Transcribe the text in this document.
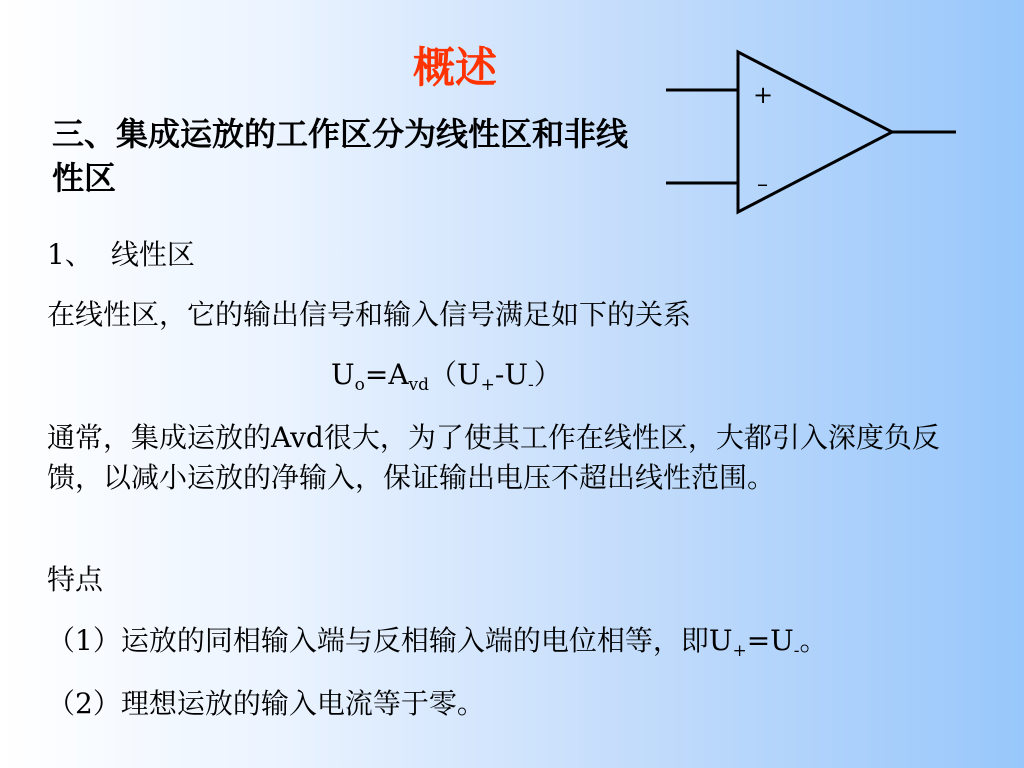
概述
三、集成运放的工作区分为线性区和非线性区
+
–
1、 线性区
在线性区，它的输出信号和输入信号满足如下的关系
$U_o=A_{vd}(U_+-U_-)$
通常，集成运放的Avd很大，为了使其工作在线性区，大都引入深度负反馈，以减小运放的净输入，保证输出电压不超出线性范围。
特点
（1）运放的同相输入端与反相输入端的电位相等，即$U_+=U_-$。
（2）理想运放的输入电流等于零。
